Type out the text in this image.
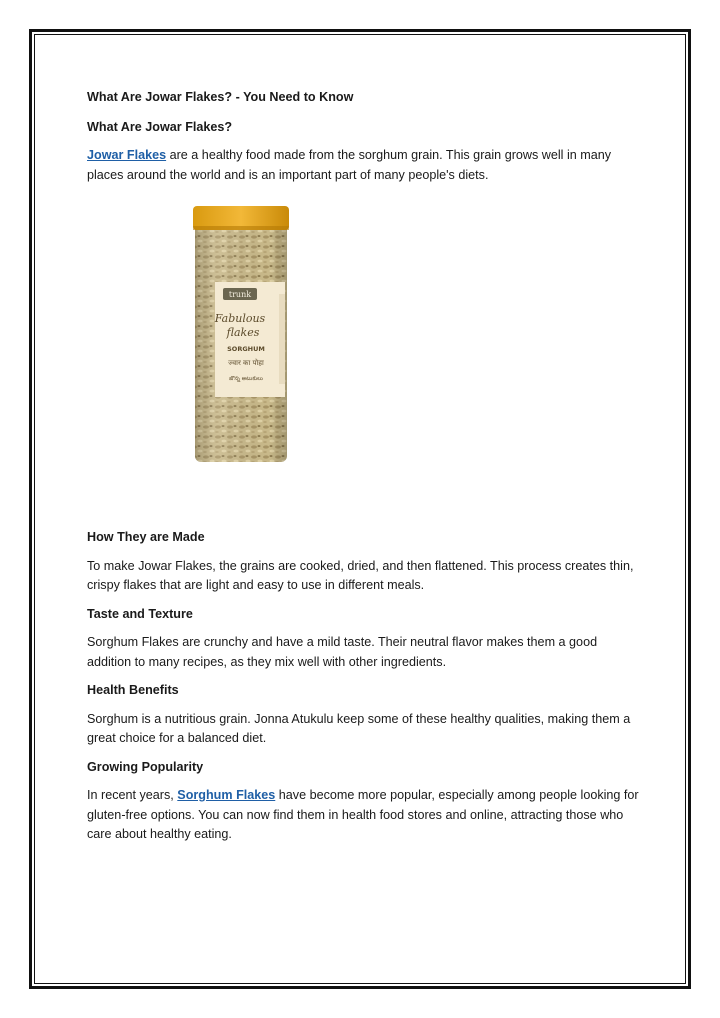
What Are Jowar Flakes? - You Need to Know
What Are Jowar Flakes?

Jowar Flakes are a healthy food made from the sorghum grain. This grain grows well in many places around the world and is an important part of many people's diets.

trunk
Fabulous
flakes
SORGHUM
ज्वार का पोहा
జొన్న అటుకులు
How They are Made

To make Jowar Flakes, the grains are cooked, dried, and then flattened. This process creates thin, crispy flakes that are light and easy to use in different meals.

Taste and Texture

Sorghum Flakes are crunchy and have a mild taste. Their neutral flavor makes them a good addition to many recipes, as they mix well with other ingredients.

Health Benefits

Sorghum is a nutritious grain. Jonna Atukulu keep some of these healthy qualities, making them a great choice for a balanced diet.

Growing Popularity

In recent years, Sorghum Flakes have become more popular, especially among people looking for gluten-free options. You can now find them in health food stores and online, attracting those who care about healthy eating.
